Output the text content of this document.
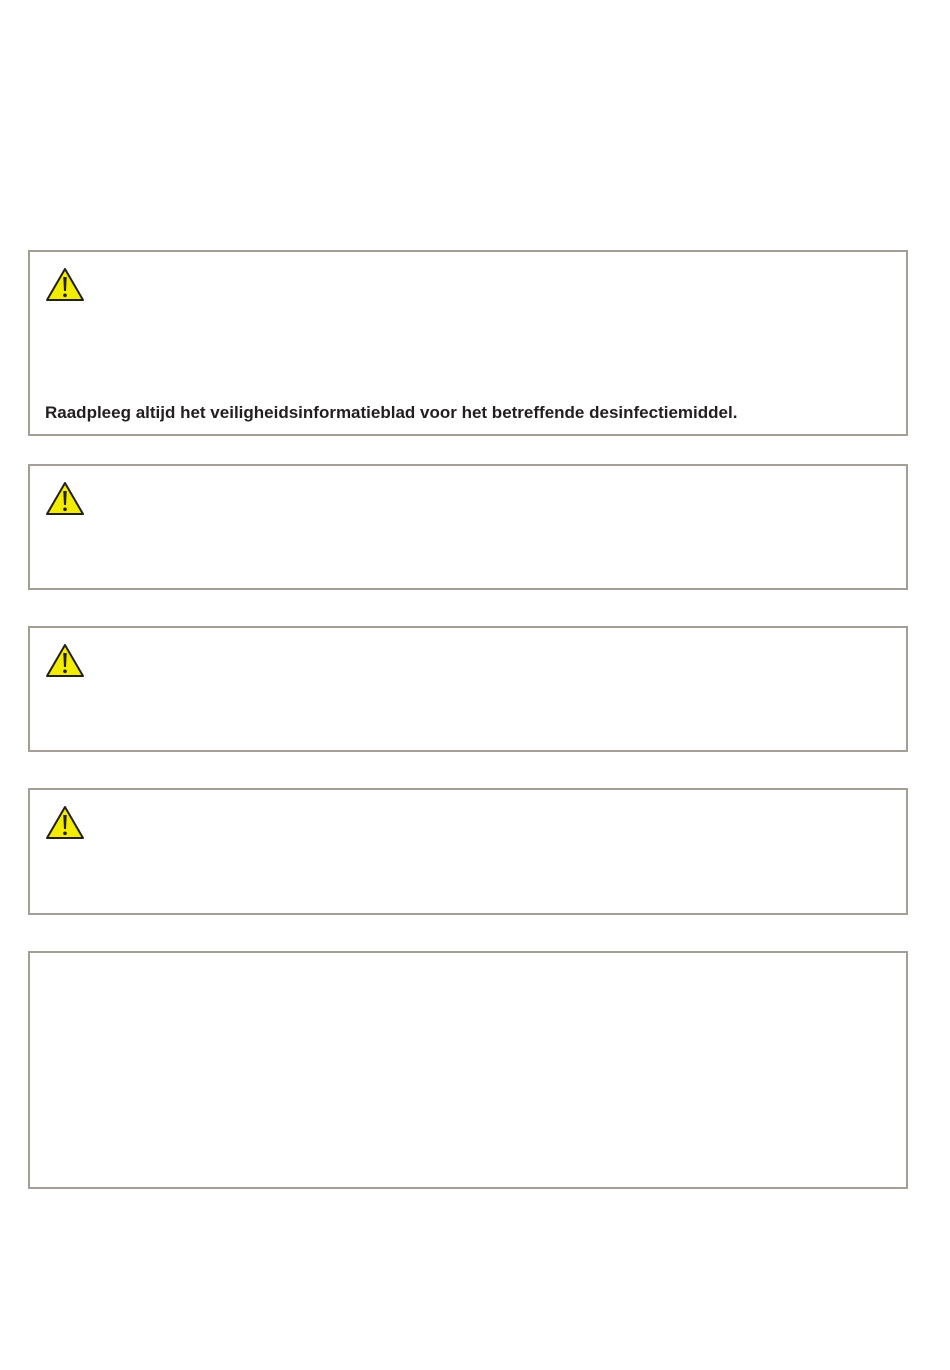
Raadpleeg altijd het veiligheidsinformatieblad voor het betreffende desinfectiemiddel.
